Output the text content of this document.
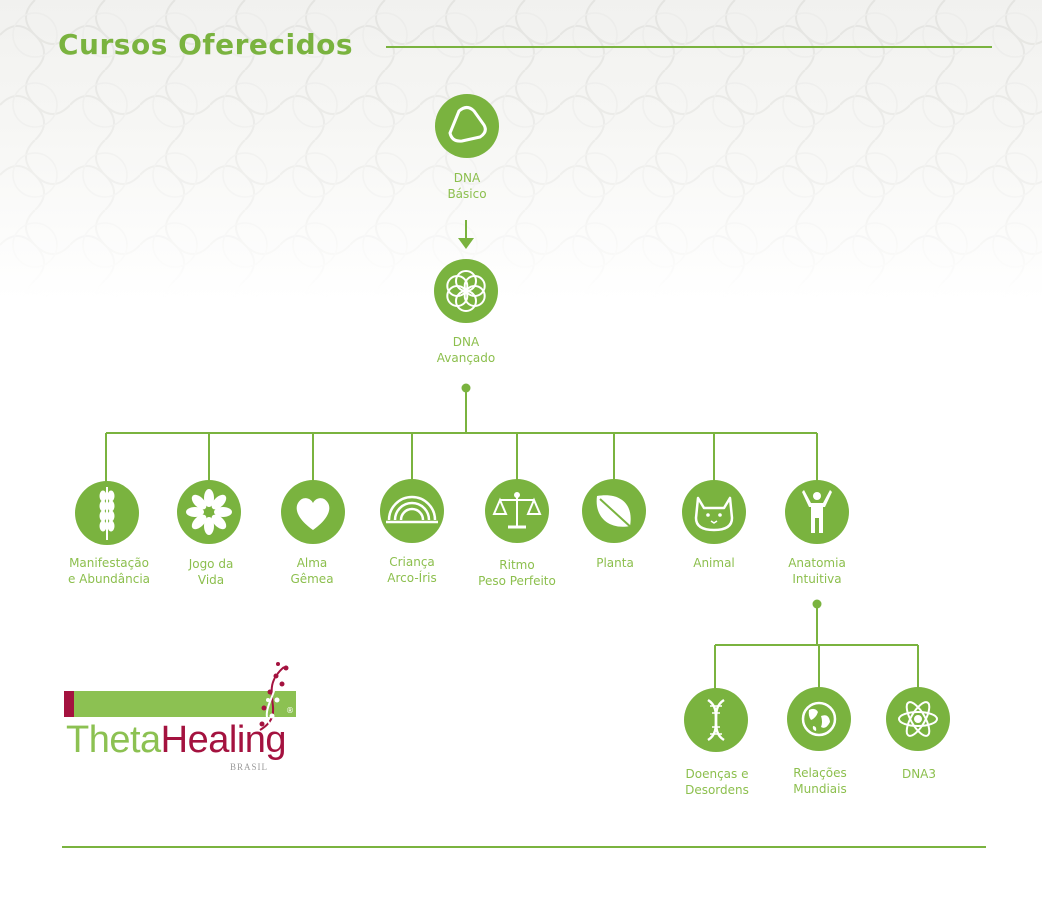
Cursos Oferecidos
DNA
Básico
DNA
Avançado
Manifestação
e Abundância
Jogo da
Vida
Alma
Gêmea
Criança
Arco-Íris
Ritmo
Peso Perfeito
Planta	Animal	Anatomia
Intuitiva
Doenças e
Desordens
Relações
Mundiais
DNA3
ThetaHealing
®
BRASIL
